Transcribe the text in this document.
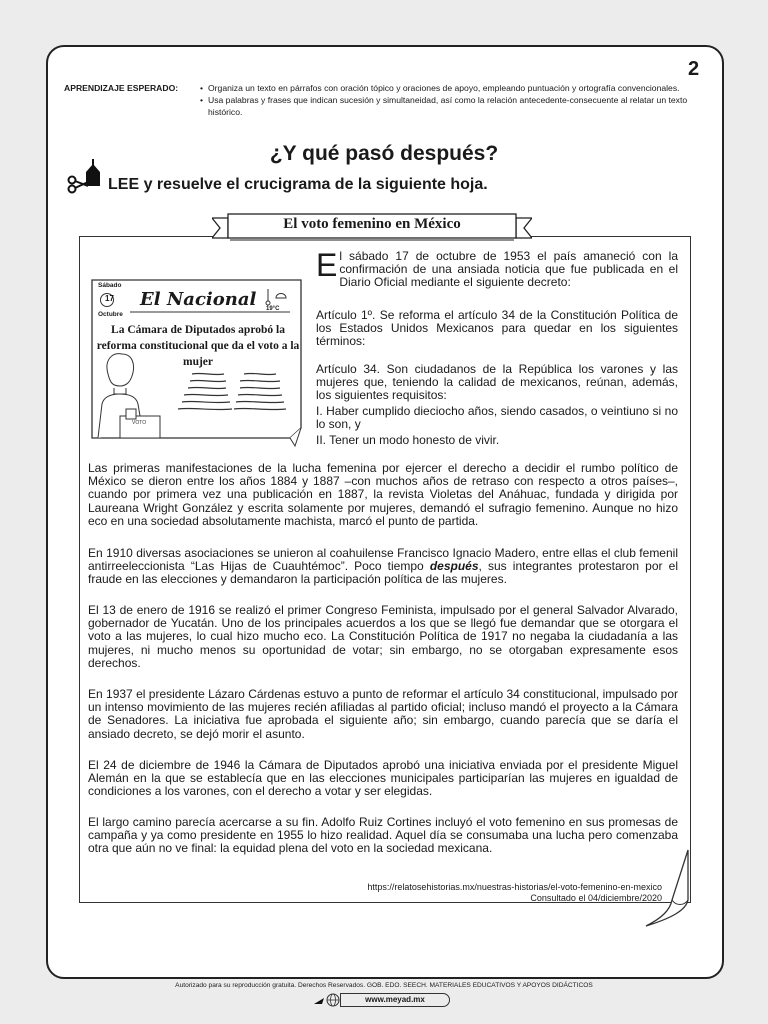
2
APRENDIZAJE ESPERADO:
•	Organiza un texto en párrafos con oración tópico y oraciones de apoyo, empleando puntuación y ortografía convencionales.
• Usa palabras y frases que indican sucesión y simultaneidad, así como la relación antecedente-consecuente al relatar un texto histórico.
¿Y qué pasó después?
LEE y resuelve el crucigrama de la siguiente hoja.
El voto femenino en México
VOTO
Sábado
17
Octubre
El Nacional 19°C
La Cámara de Diputados aprobó la reforma constitucional que da el voto a la mujer

El sábado 17 de octubre de 1953 el país amaneció con la confirmación de una ansiada noticia que fue publicada en el Diario Oficial mediante el siguiente decreto:

Artículo 1º. Se reforma el artículo 34 de la Constitución Política de los Estados Unidos Mexicanos para quedar en los siguientes términos:

Artículo 34. Son ciudadanos de la República los varones y las mujeres que, teniendo la calidad de mexicanos, reúnan, además, los siguientes requisitos:

I. Haber cumplido dieciocho años, siendo casados, o veintiuno si no lo son, y

II. Tener un modo honesto de vivir.

Las primeras manifestaciones de la lucha femenina por ejercer el derecho a decidir el rumbo político de México se dieron entre los años 1884 y 1887 –con muchos años de retraso con respecto a otros países–, cuando por primera vez una publicación en 1887, la revista Violetas del Anáhuac, fundada y dirigida por Laureana Wright González y escrita solamente por mujeres, demandó el sufragio femenino. Aunque no hizo eco en una sociedad absolutamente machista, marcó el punto de partida.

En 1910 diversas asociaciones se unieron al coahuilense Francisco Ignacio Madero, entre ellas el club femenil antirreeleccionista “Las Hijas de Cuauhtémoc”. Poco tiempo después, sus integrantes protestaron por el fraude en las elecciones y demandaron la participación política de las mujeres.

El 13 de enero de 1916 se realizó el primer Congreso Feminista, impulsado por el general Salvador Alvarado, gobernador de Yucatán. Uno de los principales acuerdos a los que se llegó fue demandar que se otorgara el voto a las mujeres, lo cual hizo mucho eco. La Constitución Política de 1917 no negaba la ciudadanía a las mujeres, ni mucho menos su oportunidad de votar; sin embargo, no se otorgaban expresamente esos derechos.

En 1937 el presidente Lázaro Cárdenas estuvo a punto de reformar el artículo 34 constitucional, impulsado por un intenso movimiento de las mujeres recién afiliadas al partido oficial; incluso mandó el proyecto a la Cámara de Senadores. La iniciativa fue aprobada el siguiente año; sin embargo, cuando parecía que se daría el ansiado decreto, se dejó morir el asunto.

El 24 de diciembre de 1946 la Cámara de Diputados aprobó una iniciativa enviada por el presidente Miguel Alemán en la que se establecía que en las elecciones municipales participarían las mujeres en igualdad de condiciones a los varones, con el derecho a votar y ser elegidas.

El largo camino parecía acercarse a su fin. Adolfo Ruiz Cortines incluyó el voto femenino en sus promesas de campaña y ya como presidente en 1955 lo hizo realidad. Aquel día se consumaba una lucha pero comenzaba otra que aún no ve final: la equidad plena del voto en la sociedad mexicana.

https://relatosehistorias.mx/nuestras-historias/el-voto-femenino-en-mexico
Consultado el 04/diciembre/2020
Autorizado para su reproducción gratuita. Derechos Reservados. GOB. EDO. SEECH. MATERIALES EDUCATIVOS Y APOYOS DIDÁCTICOS
www.meyad.mx
